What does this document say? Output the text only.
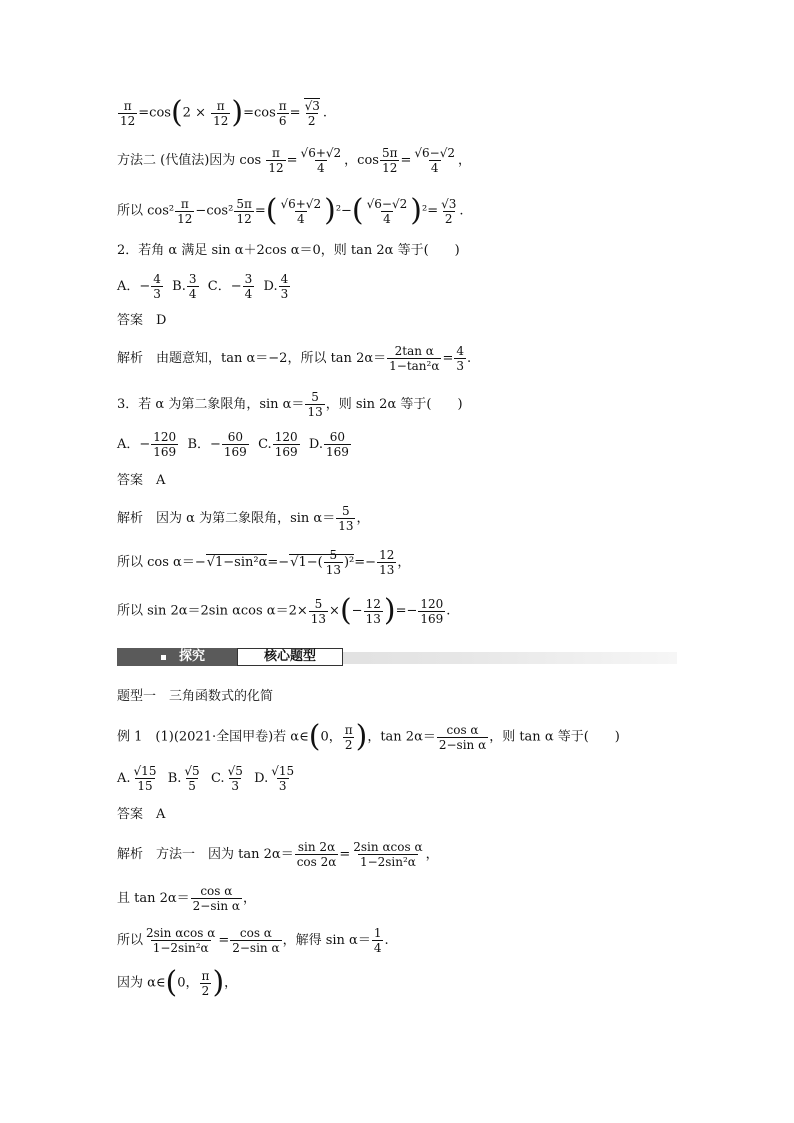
$\frac{\pi}{12} =\cos(2 \times \frac{\pi}{12} )=\cos \frac{\pi}{6} = \frac{√3}{2}$ .
方法二 (代值法)因为 $\cos \frac{\pi}{12} = \frac{√6+√2}{4}$ ，$\cos \frac{5\pi}{12} = \frac{√6-√2}{4}$ ，
所以 $\cos^2 \frac{\pi}{12} -\cos^2 \frac{5\pi}{12}$ =( $\frac{√6+√2}{4} )^2-( \frac{√6-√2}{4} )^2= \frac{√3}{2}$ .
2．若角 α 满足 sin α＋2cos α＝0，则 tan 2α 等于(　　)
A．− $\frac{4}{3} B$. $\frac{3}{4}$ C．− $\frac{3}{4} D$. $\frac{4}{3}$
答案　 D
解析　 由题意知，tan α＝−2，所以 $\tan 2\alpha= \frac{\text{2tan α}}{\text{1−tan²α}} = \frac{4}{3}$ .
3．若 α 为第二象限角，$\sin \alpha= \frac{5}{13}$ ，则 sin 2α 等于(　　)
A．− $\frac{120}{169}$ B．− $\frac{60}{169} C$. $\frac{120}{169} D$. $\frac{60}{169}$
答案　 A
解析　 因为 α 为第二象限角，$\sin \alpha= \frac{5}{13}$ ，
所以 $\cos \alpha=-√1-\sin^2\alpha=-√1-( \frac{5}{13} )^2=- \frac{12}{13}$ ，
所以 sin 2α＝2sin αcos $\alpha=2\times \frac{5}{13}$ ×(− $\frac{12}{13}$ )=− $\frac{120}{169}$ .
探究	核心题型
题型一　三角函数式的化简
例 1　(1)(2021·全国甲卷)若 α∈(0， $\frac{\pi}{2}$ )，$\tan 2\alpha= \frac{\text{cos α}}{\text{2−sin α}}$ ，则 tan α 等于(　　)
A. $\frac{√15}{15} B$. $\frac{√5}{5} C$. $\frac{√5}{3} D$. $\frac{√15}{3}$
答案　 A
解析　 方法一　因为 $\tan 2\alpha= \frac{\sin 2\alpha}{\cos 2\alpha} = \frac{\text{2sin αcos α}}{\text{1−2sin²α}}$ ，
且 $\tan 2\alpha= \frac{\text{cos α}}{\text{2−sin α}}$ ，
所以 $\frac{\text{2sin αcos α}}{\text{1−2sin²α}} = \frac{\text{cos α}}{\text{2−sin α}}$ ，解得 $\sin \alpha= \frac{1}{4}$ .
因为 α∈(0， $\frac{\pi}{2}$ )，
